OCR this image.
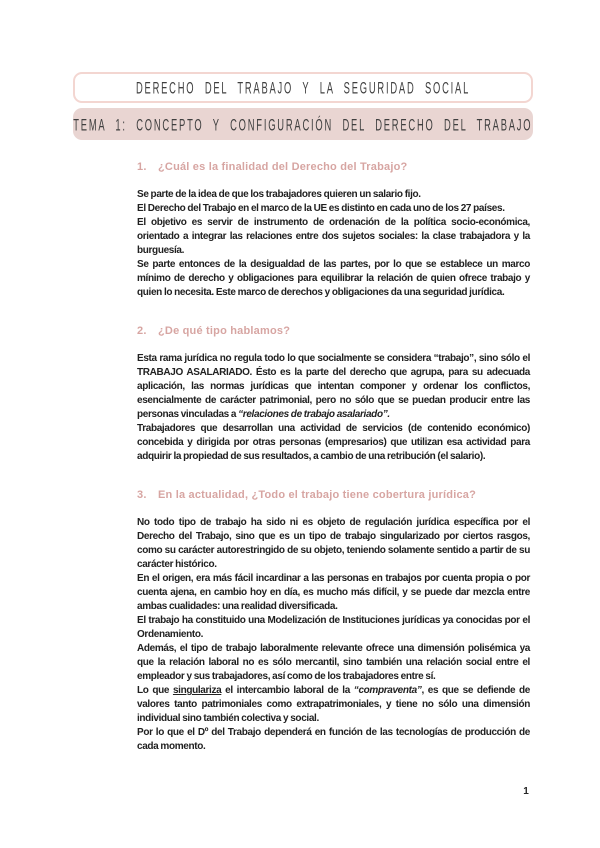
DERECHO DEL TRABAJO Y LA SEGURIDAD SOCIAL
TEMA 1: CONCEPTO Y CONFIGURACIÓN DEL DERECHO DEL TRABAJO
1.	¿Cuál es la finalidad del Derecho del Trabajo?

Se parte de la idea de que los trabajadores quieren un salario fijo.

El Derecho del Trabajo en el marco de la UE es distinto en cada uno de los 27 países.

El objetivo es servir de instrumento de ordenación de la política socio-económica, orientado a integrar las relaciones entre dos sujetos sociales: la clase trabajadora y la burguesía.

Se parte entonces de la desigualdad de las partes, por lo que se establece un marco mínimo de derecho y obligaciones para equilibrar la relación de quien ofrece trabajo y quien lo necesita. Este marco de derechos y obligaciones da una seguridad jurídica.

2.	¿De qué tipo hablamos?

Esta rama jurídica no regula todo lo que socialmente se considera “trabajo”, sino sólo el TRABAJO ASALARIADO. Ésto es la parte del derecho que agrupa, para su adecuada aplicación, las normas jurídicas que intentan componer y ordenar los conflictos, esencialmente de carácter patrimonial, pero no sólo que se puedan producir entre las personas vinculadas a “relaciones de trabajo asalariado”.

Trabajadores que desarrollan una actividad de servicios (de contenido económico) concebida y dirigida por otras personas (empresarios) que utilizan esa actividad para adquirir la propiedad de sus resultados, a cambio de una retribución (el salario).

3.	En la actualidad, ¿Todo el trabajo tiene cobertura jurídica?

No todo tipo de trabajo ha sido ni es objeto de regulación jurídica específica por el Derecho del Trabajo, sino que es un tipo de trabajo singularizado por ciertos rasgos, como su carácter autorestringido de su objeto, teniendo solamente sentido a partir de su carácter histórico.

En el origen, era más fácil incardinar a las personas en trabajos por cuenta propia o por cuenta ajena, en cambio hoy en día, es mucho más difícil, y se puede dar mezcla entre ambas cualidades: una realidad diversificada.

El trabajo ha constituido una Modelización de Instituciones jurídicas ya conocidas por el Ordenamiento.

Además, el tipo de trabajo laboralmente relevante ofrece una dimensión polisémica ya que la relación laboral no es sólo mercantil, sino también una relación social entre el empleador y sus trabajadores, así como de los trabajadores entre sí.

Lo que singulariza el intercambio laboral de la “compraventa”, es que se defiende de valores tanto patrimoniales como extrapatrimoniales, y tiene no sólo una dimensión individual sino también colectiva y social.

Por lo que el Dº del Trabajo dependerá en función de las tecnologías de producción de cada momento.

1
